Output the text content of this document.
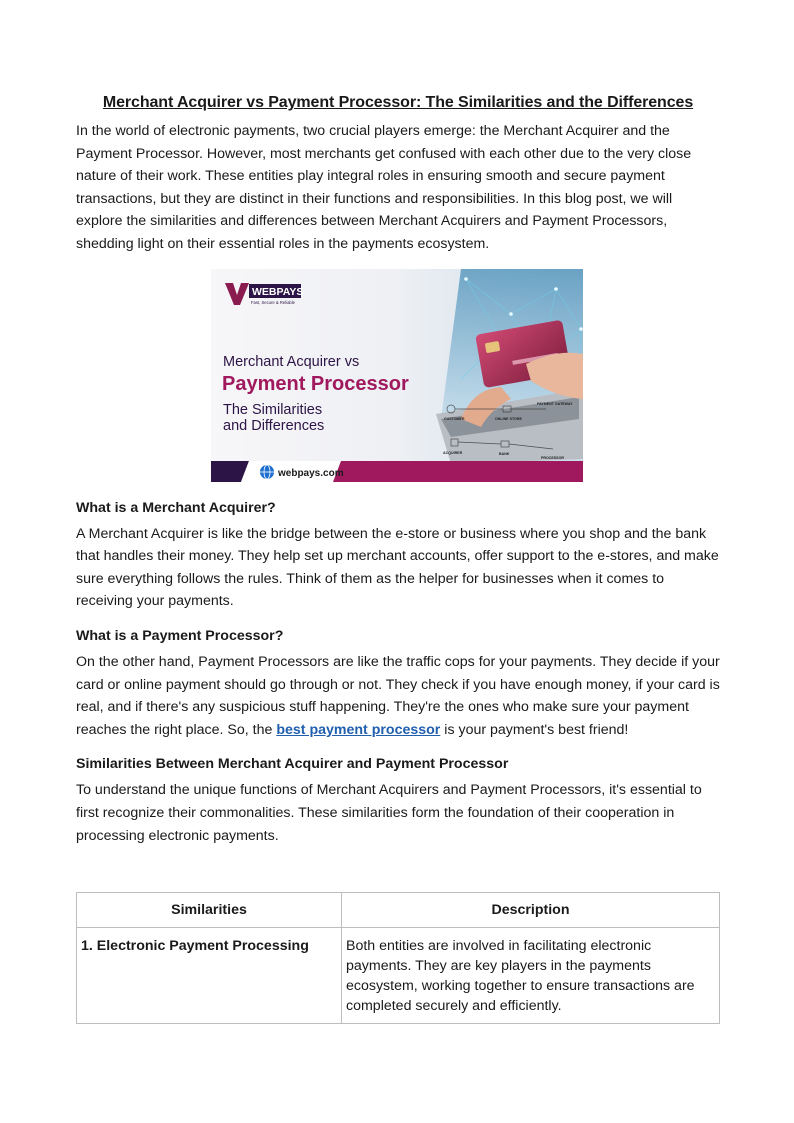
Merchant Acquirer vs Payment Processor: The Similarities and the Differences

In the world of electronic payments, two crucial players emerge: the Merchant Acquirer and the Payment Processor. However, most merchants get confused with each other due to the very close nature of their work. These entities play integral roles in ensuring smooth and secure payment transactions, but they are distinct in their functions and responsibilities. In this blog post, we will explore the similarities and differences between Merchant Acquirers and Payment Processors, shedding light on their essential roles in the payments ecosystem.

CUSTOMER	ONLINE STORE
PAYMENT GATEWAY
ACQUIRER	BANK
PROCESSOR
WEBPAYS
Fast, Secure & Reliable
Merchant Acquirer vs
Payment Processor
The Similarities
and Differences
webpays.com
What is a Merchant Acquirer?

A Merchant Acquirer is like the bridge between the e-store or business where you shop and the bank that handles their money. They help set up merchant accounts, offer support to the e-stores, and make sure everything follows the rules. Think of them as the helper for businesses when it comes to receiving your payments.

What is a Payment Processor?

On the other hand, Payment Processors are like the traffic cops for your payments. They decide if your card or online payment should go through or not. They check if you have enough money, if your card is real, and if there's any suspicious stuff happening. They're the ones who make sure your payment reaches the right place. So, the best payment processor is your payment's best friend!

Similarities Between Merchant Acquirer and Payment Processor

To understand the unique functions of Merchant Acquirers and Payment Processors, it's essential to first recognize their commonalities. These similarities form the foundation of their cooperation in processing electronic payments.

Similarities	Description
1. Electronic Payment Processing	Both entities are involved in facilitating electronic payments. They are key players in the payments ecosystem, working together to ensure transactions are completed securely and efficiently.
